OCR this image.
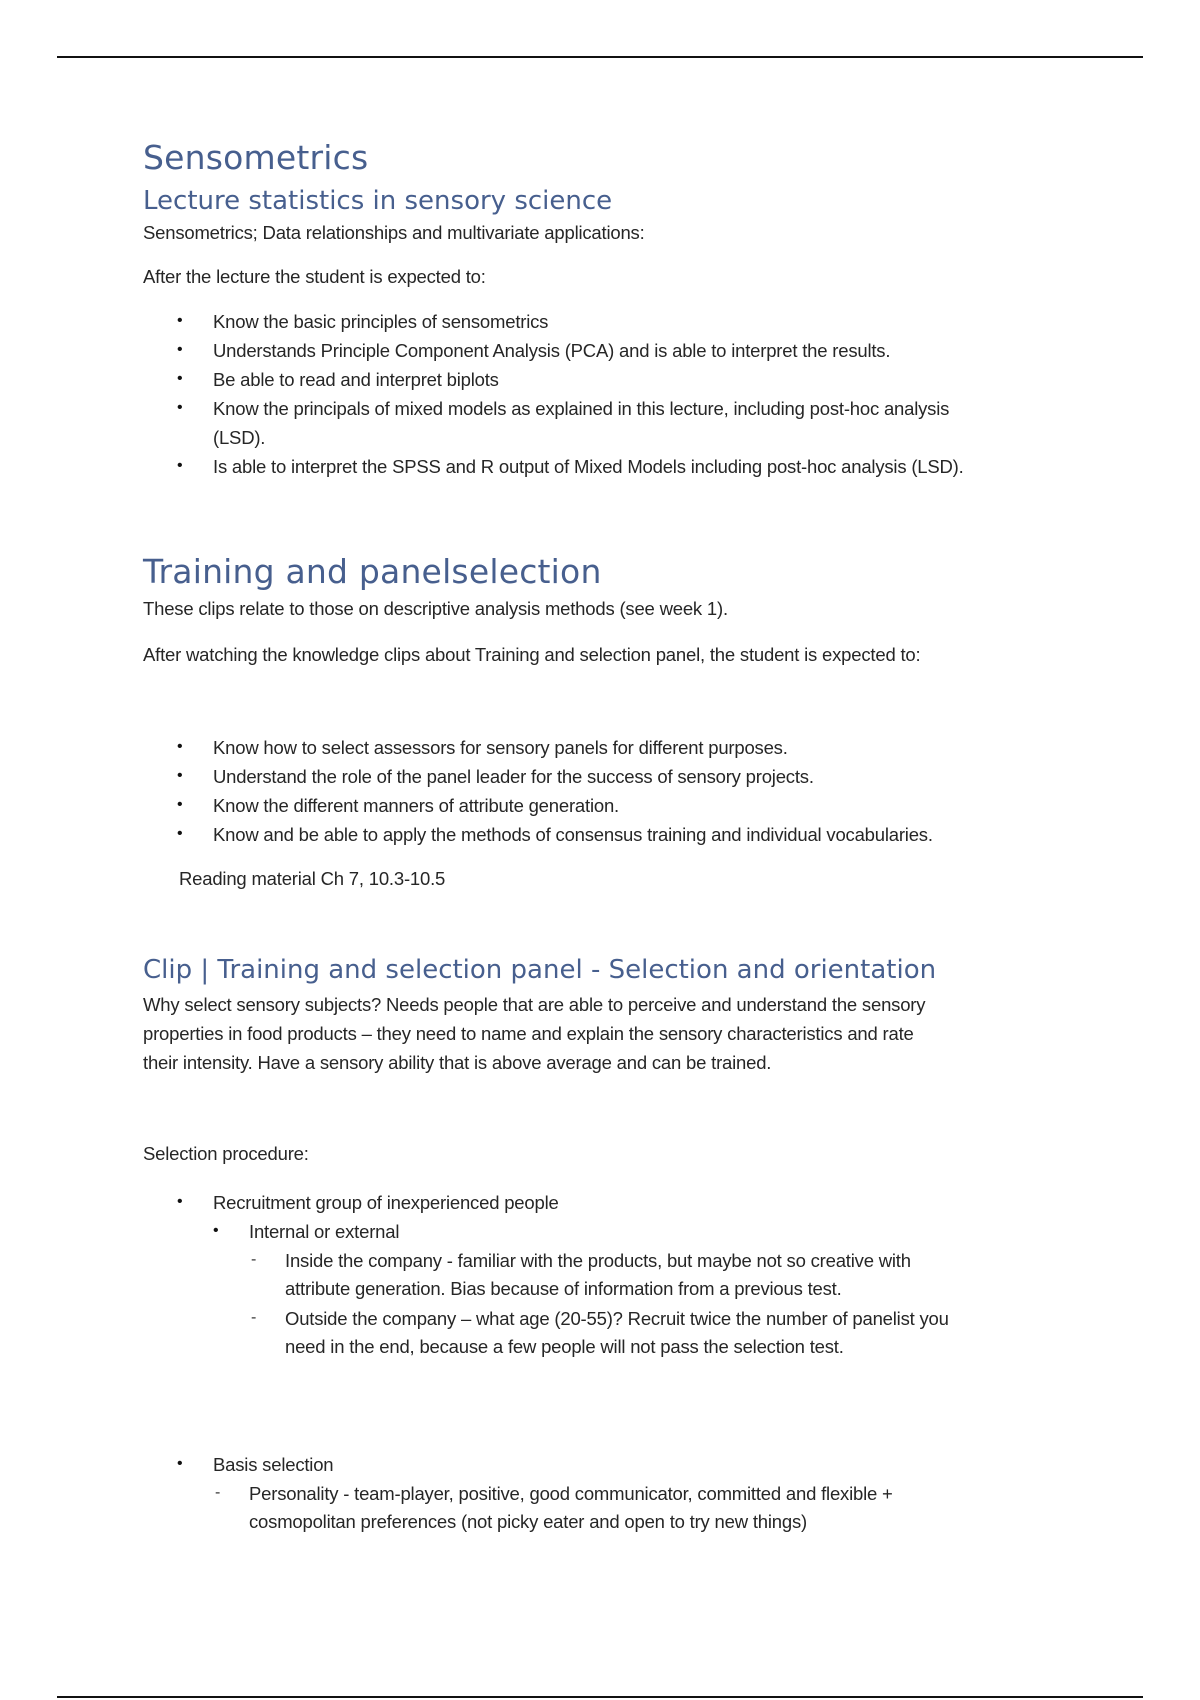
Sensometrics
Lecture statistics in sensory science
Sensometrics; Data relationships and multivariate applications:
After the lecture the student is expected to:
• Know the basic principles of sensometrics
• Understands Principle Component Analysis (PCA) and is able to interpret the results.
• Be able to read and interpret biplots
• Know the principals of mixed models as explained in this lecture, including post-hoc analysis
(LSD).
• Is able to interpret the SPSS and R output of Mixed Models including post-hoc analysis (LSD).
Training and panelselection
These clips relate to those on descriptive analysis methods (see week 1).
After watching the knowledge clips about Training and selection panel, the student is expected to:
• Know how to select assessors for sensory panels for different purposes.
• Understand the role of the panel leader for the success of sensory projects.
• Know the different manners of attribute generation.
• Know and be able to apply the methods of consensus training and individual vocabularies.
Reading material Ch 7, 10.3-10.5
Clip | Training and selection panel - Selection and orientation
Why select sensory subjects? Needs people that are able to perceive and understand the sensory
properties in food products – they need to name and explain the sensory characteristics and rate
their intensity. Have a sensory ability that is above average and can be trained.
Selection procedure:
• Recruitment group of inexperienced people
• Internal or external
- Inside the company - familiar with the products, but maybe not so creative with
attribute generation. Bias because of information from a previous test.
- Outside the company – what age (20-55)? Recruit twice the number of panelist you
need in the end, because a few people will not pass the selection test.
• Basis selection
- Personality - team-player, positive, good communicator, committed and flexible +
cosmopolitan preferences (not picky eater and open to try new things)
